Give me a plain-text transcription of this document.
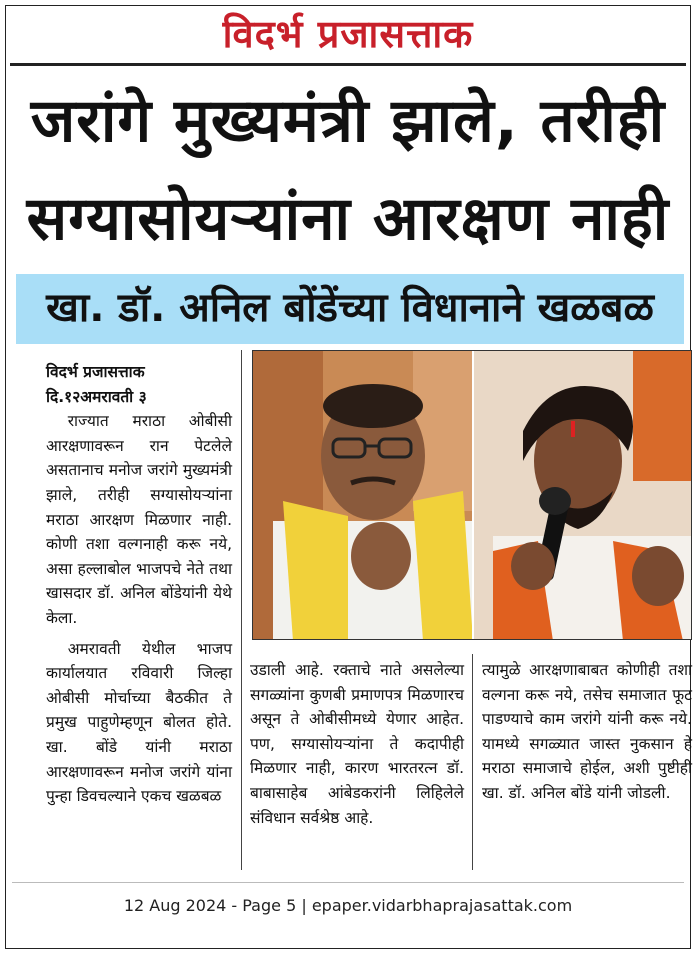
विदर्भ प्रजासत्ताक
जरांगे मुख्यमंत्री झाले, तरीही
सग्यासोयऱ्यांना आरक्षण नाही
खा. डॉ. अनिल बोंडेंच्या विधानाने खळबळ

विदर्भ प्रजासत्ताक

दि.१२अमरावती ३

राज्यात मराठा ओबीसी आरक्षणावरून रान पेटलेले असतानाच मनोज जरांगे मुख्यमंत्री झाले, तरीही सग्यासोयऱ्यांना मराठा आरक्षण मिळणार नाही. कोणी तशा वल्गनाही करू नये, असा हल्लाबोल भाजपचे नेते तथा खासदार डॉ. अनिल बोंडेयांनी येथे केला.

अमरावती येथील भाजप कार्यालयात रविवारी जिल्हा ओबीसी मोर्चाच्या बैठकीत ते प्रमुख पाहुणेम्हणून बोलत होते. खा. बोंडे यांनी मराठा आरक्षणावरून मनोज जरांगे यांना पुन्हा डिवचल्याने एकच खळबळ

उडाली आहे. रक्ताचे नाते असलेल्या सगळ्यांना कुणबी प्रमाणपत्र मिळणारच असून ते ओबीसीमध्ये येणार आहेत. पण, सग्यासोयऱ्यांना ते कदापीही मिळणार नाही, कारण भारतरत्न डॉ. बाबासाहेब आंबेडकरांनी लिहिलेले संविधान सर्वश्रेष्ठ आहे.

त्यामुळे आरक्षणाबाबत कोणीही तशा वल्गना करू नये, तसेच समाजात फूट पाडण्याचे काम जरांगे यांनी करू नये. यामध्ये सगळ्यात जास्त नुकसान हे मराठा समाजाचे होईल, अशी पुष्टीही खा. डॉ. अनिल बोंडे यांनी जोडली.

12 Aug 2024 - Page 5 | epaper.vidarbhaprajasattak.com
